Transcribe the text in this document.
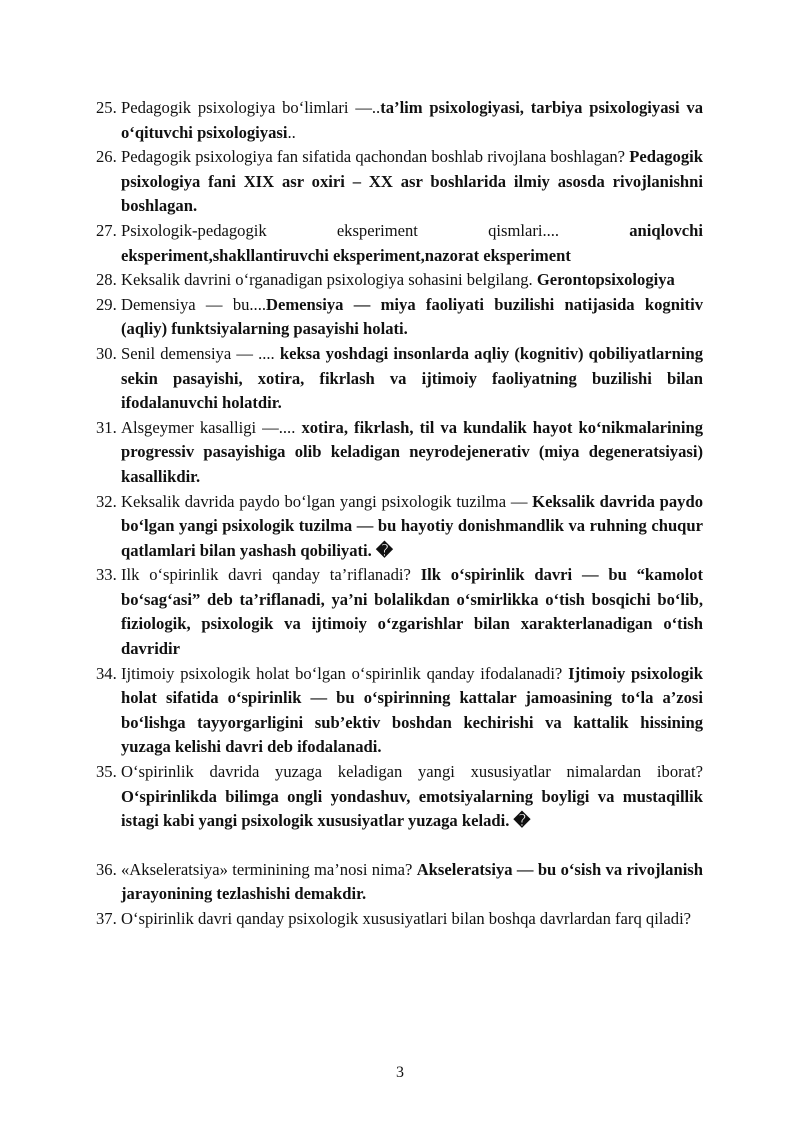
25. Pedagogik psixologiya bo‘limlari —..ta’lim psixologiyasi, tarbiya psixologiyasi va o‘qituvchi psixologiyasi..
26. Pedagogik psixologiya fan sifatida qachondan boshlab rivojlana boshlagan? Pedagogik psixologiya fani XIX asr oxiri – XX asr boshlarida ilmiy asosda rivojlanishni boshlagan.
27. Psixologik-pedagogik eksperiment qismlari.... aniqlovchi eksperiment,shakllantiruvchi eksperiment,nazorat eksperiment
28. Keksalik davrini o‘rganadigan psixologiya sohasini belgilang. Gerontopsixologiya
29. Demensiya — bu....Demensiya — miya faoliyati buzilishi natijasida kognitiv (aqliy) funktsiyalarning pasayishi holati.
30. Senil demensiya — .... keksa yoshdagi insonlarda aqliy (kognitiv) qobiliyatlarning sekin pasayishi, xotira, fikrlash va ijtimoiy faoliyatning buzilishi bilan ifodalanuvchi holatdir.
31. Alsgeymer kasalligi —.... xotira, fikrlash, til va kundalik hayot ko‘nikmalarining progressiv pasayishiga olib keladigan neyrodejenerativ (miya degeneratsiyasi) kasallikdir.
32. Keksalik davrida paydo bo‘lgan yangi psixologik tuzilma — Keksalik davrida paydo bo‘lgan yangi psixologik tuzilma — bu hayotiy donishmandlik va ruhning chuqur qatlamlari bilan yashash qobiliyati. �
33. Ilk o‘spirinlik davri qanday ta’riflanadi? Ilk o‘spirinlik davri — bu “kamolot bo‘sag‘asi” deb ta’riflanadi, ya’ni bolalikdan o‘smirlikka o‘tish bosqichi bo‘lib, fiziologik, psixologik va ijtimoiy o‘zgarishlar bilan xarakterlanadigan o‘tish davridir
34. Ijtimoiy psixologik holat bo‘lgan o‘spirinlik qanday ifodalanadi? Ijtimoiy psixologik holat sifatida o‘spirinlik — bu o‘spirinning kattalar jamoasining to‘la a’zosi bo‘lishga tayyorgarligini sub’ektiv boshdan kechirishi va kattalik hissining yuzaga kelishi davri deb ifodalanadi.
35. O‘spirinlik davrida yuzaga keladigan yangi xususiyatlar nimalardan iborat? O‘spirinlikda bilimga ongli yondashuv, emotsiyalarning boyligi va mustaqillik istagi kabi yangi psixologik xususiyatlar yuzaga keladi. �
36. «Akseleratsiya» terminining ma’nosi nima? Akseleratsiya — bu o‘sish va rivojlanish jarayonining tezlashishi demakdir.
37. O‘spirinlik davri qanday psixologik xususiyatlari bilan boshqa davrlardan farq qiladi?
3
